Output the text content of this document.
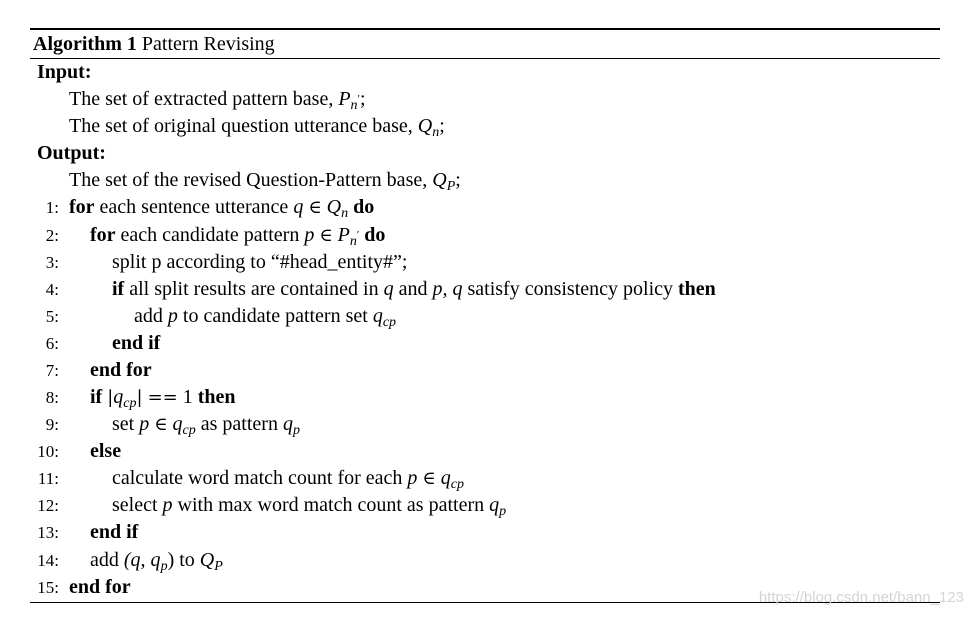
Algorithm 1 Pattern Revising
Input:
The set of extracted pattern base, $P_{n'}$;
The set of original question utterance base, $Q_n$;
Output:
The set of the revised Question-Pattern base, $Q_P$;
1: for each sentence utterance q ∈ $Q_n$ do
2: for each candidate pattern p ∈ $P_{n'}$ do
3:	split p according to “#head_entity#”;
4:	if all split results are contained in q and p, q satisfy consistency policy then
5:	add p to candidate pattern set $q_{cp}$
6:	end if
7: end for
8: if $|q_{cp}| == 1$ then
9:	set p ∈ $q_{cp}$ as pattern $q_p$
10: else
11:	calculate word match count for each p ∈ $q_{cp}$
12:	select p with max word match count as pattern $q_p$
13: end if
14: add (q, $q_p$) to $Q_P$
15: end for	https://blog.csdn.net/bann_123
